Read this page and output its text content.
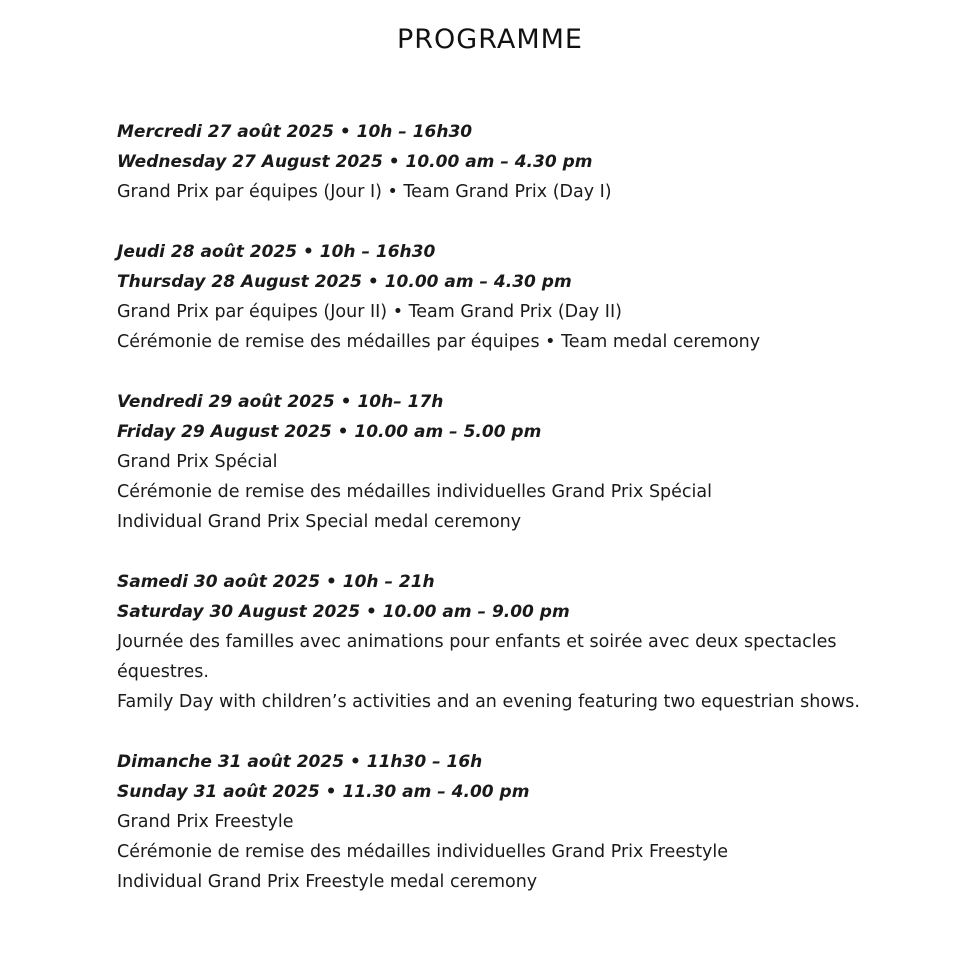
PROGRAMME
Mercredi 27 août 2025 • 10h – 16h30
Wednesday 27 August 2025 • 10.00 am – 4.30 pm
Grand Prix par équipes (Jour I) • Team Grand Prix (Day I)
Jeudi 28 août 2025 • 10h – 16h30
Thursday 28 August 2025 • 10.00 am – 4.30 pm
Grand Prix par équipes (Jour II) • Team Grand Prix (Day II)
Cérémonie de remise des médailles par équipes • Team medal ceremony
Vendredi 29 août 2025 • 10h– 17h
Friday 29 August 2025 • 10.00 am – 5.00 pm
Grand Prix Spécial
Cérémonie de remise des médailles individuelles Grand Prix Spécial
Individual Grand Prix Special medal ceremony
Samedi 30 août 2025 • 10h – 21h
Saturday 30 August 2025 • 10.00 am – 9.00 pm
Journée des familles avec animations pour enfants et soirée avec deux spectacles équestres.
Family Day with children’s activities and an evening featuring two equestrian shows.
Dimanche 31 août 2025 • 11h30 – 16h
Sunday 31 août 2025 • 11.30 am – 4.00 pm
Grand Prix Freestyle
Cérémonie de remise des médailles individuelles Grand Prix Freestyle
Individual Grand Prix Freestyle medal ceremony
